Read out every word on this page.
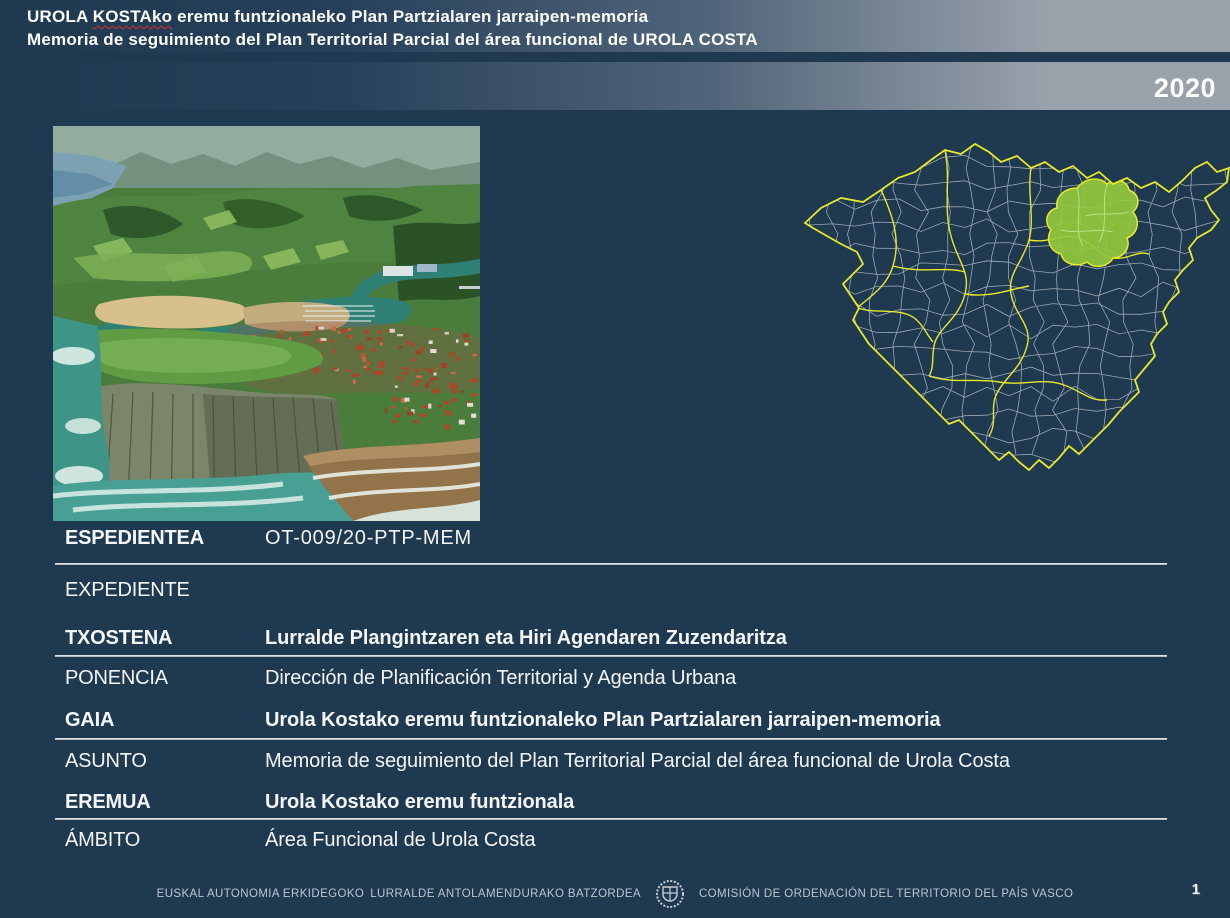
UROLA KOSTAko eremu funtzionaleko Plan Partzialaren jarraipen-memoria
Memoria de seguimiento del Plan Territorial Parcial del área funcional de UROLA COSTA
2020
ESPEDIENTEA	OT-009/20-PTP-MEM
EXPEDIENTE
TXOSTENA	Lurralde Plangintzaren eta Hiri Agendaren Zuzendaritza
PONENCIA	Dirección de Planificación Territorial y Agenda Urbana
GAIA	Urola Kostako eremu funtzionaleko Plan Partzialaren jarraipen-memoria
ASUNTO	Memoria de seguimiento del Plan Territorial Parcial del área funcional de Urola Costa
EREMUA	Urola Kostako eremu funtzionala
ÁMBITO	Área Funcional de Urola Costa
EUSKAL AUTONOMIA ERKIDEGOKO LURRALDE ANTOLAMENDURAKO BATZORDEA	COMISIÓN DE ORDENACIÓN DEL TERRITORIO DEL PAÍS VASCO	1
